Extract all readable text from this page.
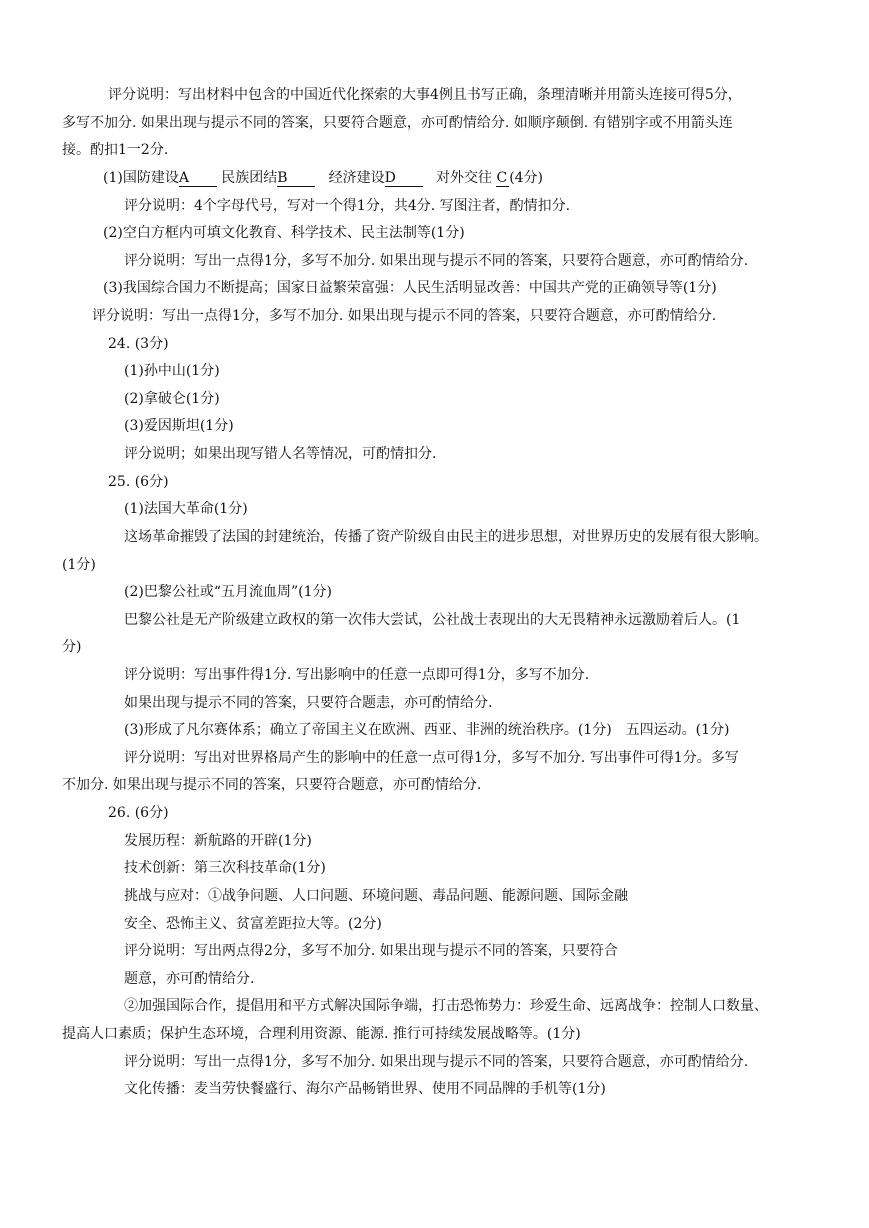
评分说明：写出材料中包含的中国近代化探索的大事4例且书写正确，条理清晰并用箭头连接可得5分，
多写不加分. 如果出现与提示不同的答案，只要符合题意，亦可酌情给分. 如顺序颠倒. 有错别字或不用箭头连
接。酌扣1一2分.
(1)国防建设A 民族团结B	经济建设D	对外交往 C (4分)
评分说明：4个字母代号，写对一个得1分，共4分. 写图注者，酌情扣分.
(2)空白方框内可填文化教育、科学技术、民主法制等(1分)
评分说明：写出一点得1分，多写不加分. 如果出现与提示不同的答案，只要符合题意，亦可酌情给分.
(3)我国综合国力不断提高；国家日益繁荣富强：人民生活明显改善：中国共产党的正确领导等(1分)
评分说明：写出一点得1分，多写不加分. 如果出现与提示不同的答案，只要符合题意，亦可酌情给分.
24. (3分)
(1)孙中山(1分)
(2)拿破仑(1分)
(3)爱因斯坦(1分)
评分说明；如果出现写错人名等情况，可酌情扣分.
25. (6分)
(1)法国大革命(1分)
这场革命摧毁了法国的封建统治，传播了资产阶级自由民主的进步思想，对世界历史的发展有很大影响。
(1分)
(2)巴黎公社或“五月流血周”(1分)
巴黎公社是无产阶级建立政权的第一次伟大尝试，公社战士表现出的大无畏精神永远激励着后人。(1
分)
评分说明：写出事件得1分. 写出影响中的任意一点即可得1分，多写不加分.
如果出现与提示不同的答案，只要符合题恚，亦可酌情给分.
(3)形成了凡尔赛体系；确立了帝国主义在欧洲、西亚、非洲的统治秩序。(1分)　五四运动。(1分)
评分说明：写出对世界格局产生的影响中的任意一点可得1分，多写不加分. 写出事件可得1分。多写
不加分. 如果出现与提示不同的答案，只要符合题意，亦可酌情给分.
26. (6分)
发展历程：新航路的开辟(1分)
技术创新：第三次科技革命(1分)
挑战与应对：①战争问题、人口问题、环境问题、毒品问题、能源问题、国际金融
安全、恐怖主义、贫富差距拉大等。(2分)
评分说明：写出两点得2分，多写不加分. 如果出现与提示不同的答案，只要符合
题意，亦可酌情给分.
②加强国际合作，提倡用和平方式解决国际争端，打击恐怖势力：珍爱生命、远离战争：控制人口数量、
提高人口素质；保护生态环境，合理利用资源、能源. 推行可持续发展战略等。(1分)
评分说明：写出一点得1分，多写不加分. 如果出现与提示不同的答案，只要符合题意，亦可酌情给分.
文化传播：麦当劳快餐盛行、海尔产品畅销世界、使用不同品牌的手机等(1分)
